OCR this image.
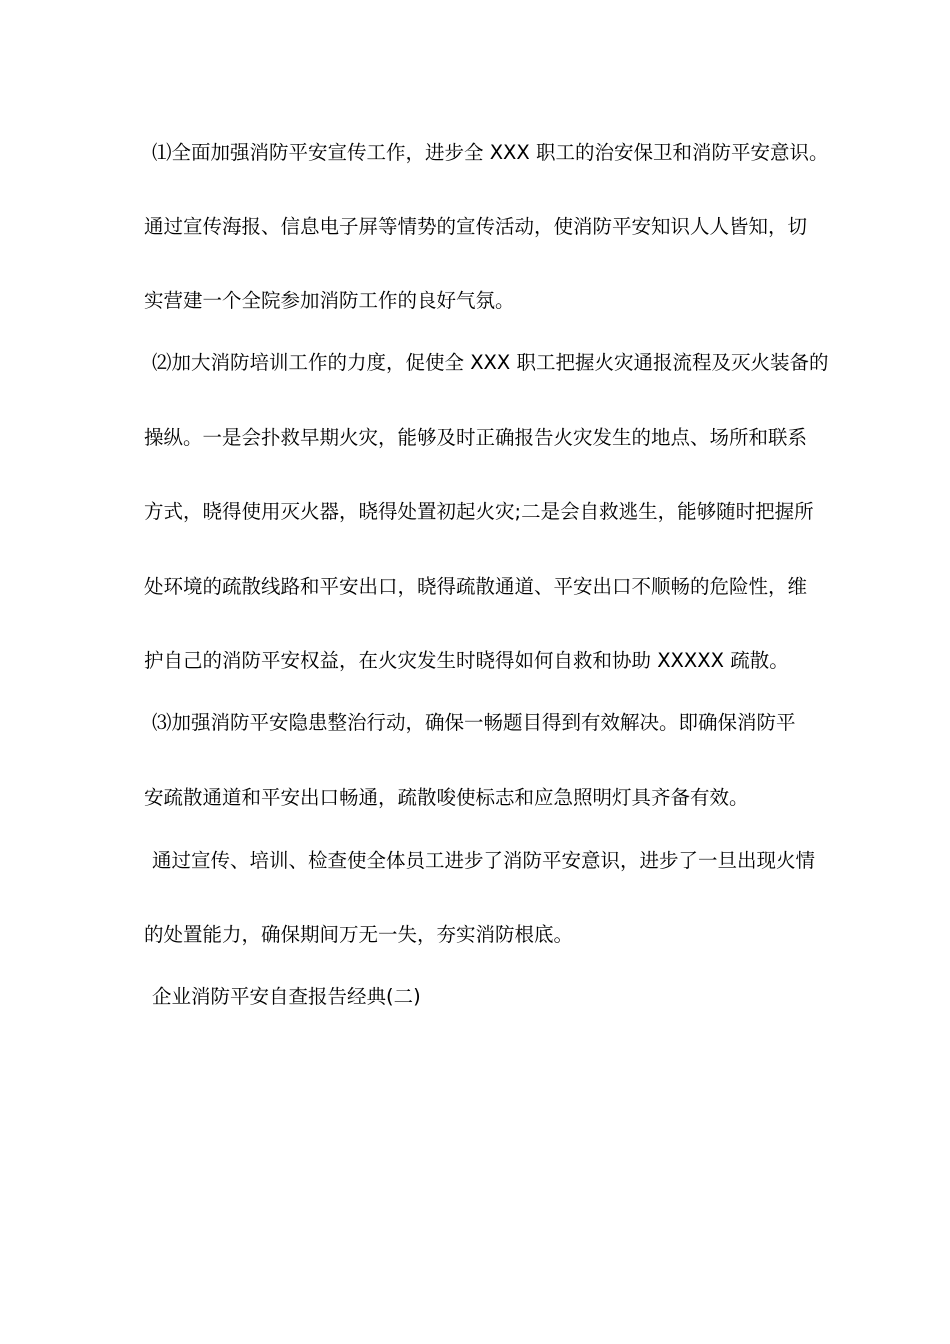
⑴全面加强消防平安宣传工作，进步全 XXX 职工的治安保卫和消防平安意识。
通过宣传海报、信息电子屏等情势的宣传活动，使消防平安知识人人皆知，切
实营建一个全院参加消防工作的良好气氛。
⑵加大消防培训工作的力度，促使全 XXX 职工把握火灾通报流程及灭火装备的
操纵。一是会扑救早期火灾，能够及时正确报告火灾发生的地点、场所和联系
方式，晓得使用灭火器，晓得处置初起火灾;二是会自救逃生，能够随时把握所
处环境的疏散线路和平安出口，晓得疏散通道、平安出口不顺畅的危险性，维
护自己的消防平安权益，在火灾发生时晓得如何自救和协助 XXXXX 疏散。
⑶加强消防平安隐患整治行动，确保一畅题目得到有效解决。即确保消防平
安疏散通道和平安出口畅通，疏散唆使标志和应急照明灯具齐备有效。
通过宣传、培训、检查使全体员工进步了消防平安意识，进步了一旦出现火情
的处置能力，确保期间万无一失，夯实消防根底。
企业消防平安自查报告经典(二)
